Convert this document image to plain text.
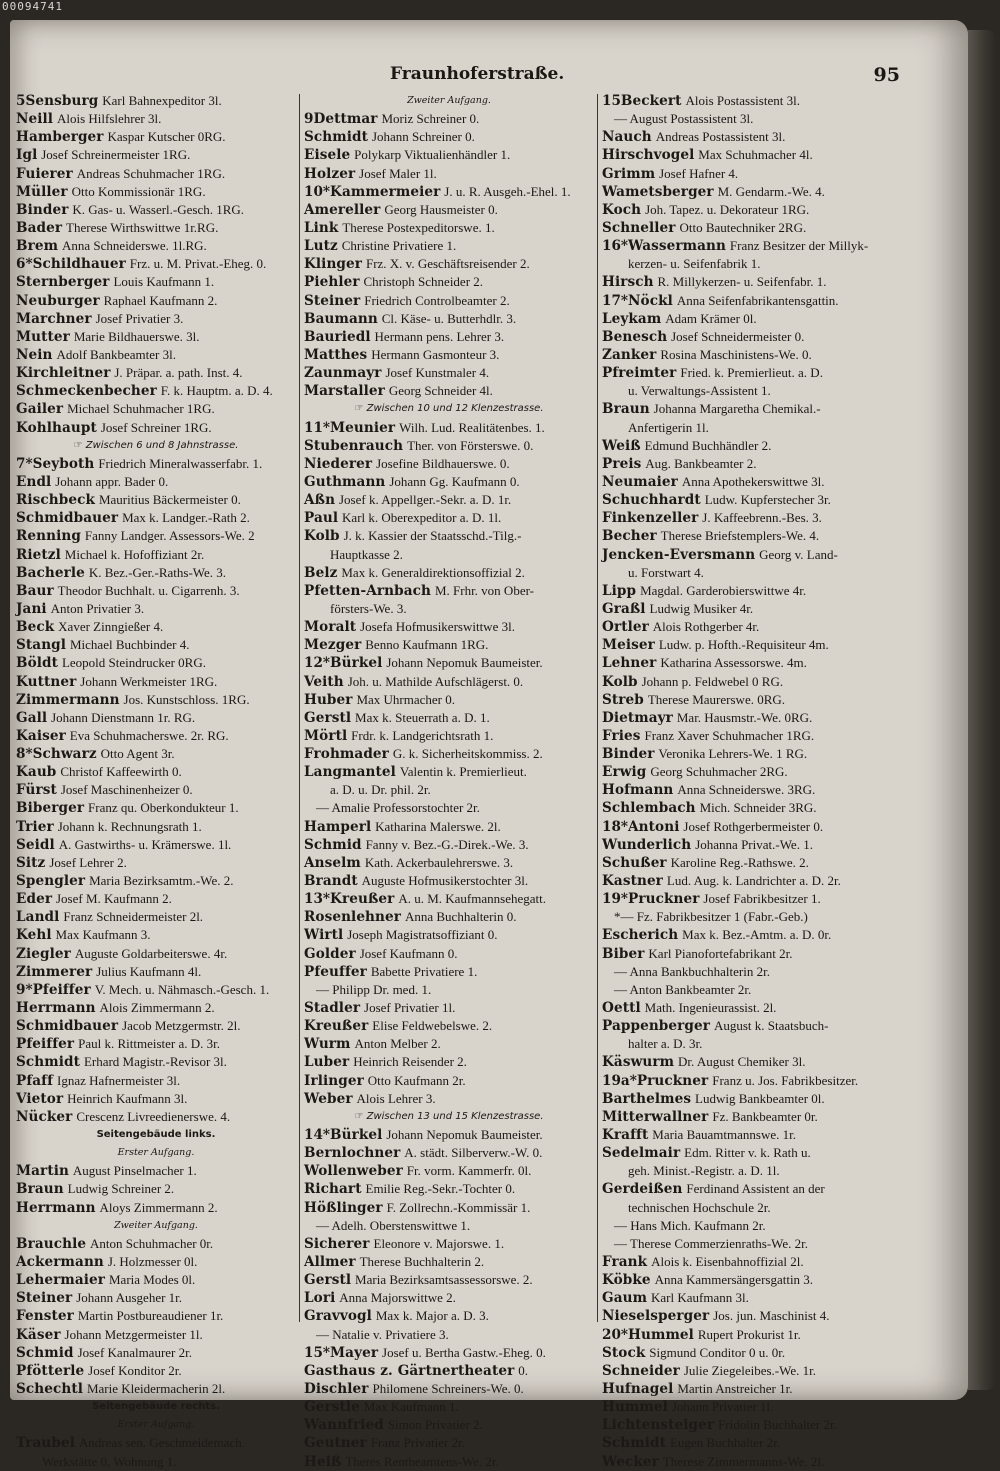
00094741
Fraunhoferstraße.	95
5Sensburg Karl Bahnexpeditor 3l.
Neill Alois Hilfslehrer 3l.
Hamberger Kaspar Kutscher 0RG.
Igl Josef Schreinermeister 1RG.
Fuierer Andreas Schuhmacher 1RG.
Müller Otto Kommissionär 1RG.
Binder K. Gas- u. Wasserl.-Gesch. 1RG.
Bader Therese Wirthswittwe 1r.RG.
Brem Anna Schneiderswe. 1l.RG.
6*Schildhauer Frz. u. M. Privat.-Eheg. 0.
Sternberger Louis Kaufmann 1.
Neuburger Raphael Kaufmann 2.
Marchner Josef Privatier 3.
Mutter Marie Bildhauerswe. 3l.
Nein Adolf Bankbeamter 3l.
Kirchleitner J. Präpar. a. path. Inst. 4.
Schmeckenbecher F. k. Hauptm. a. D. 4.
Gailer Michael Schuhmacher 1RG.
Kohlhaupt Josef Schreiner 1RG.
☞ Zwischen 6 und 8 Jahnstrasse.
7*Seyboth Friedrich Mineralwasserfabr. 1.
Endl Johann appr. Bader 0.
Rischbeck Mauritius Bäckermeister 0.
Schmidbauer Max k. Landger.-Rath 2.
Renning Fanny Landger. Assessors-We. 2
Rietzl Michael k. Hofoffiziant 2r.
Bacherle K. Bez.-Ger.-Raths-We. 3.
Baur Theodor Buchhalt. u. Cigarrenh. 3.
Jani Anton Privatier 3.
Beck Xaver Zinngießer 4.
Stangl Michael Buchbinder 4.
Böldt Leopold Steindrucker 0RG.
Kuttner Johann Werkmeister 1RG.
Zimmermann Jos. Kunstschloss. 1RG.
Gall Johann Dienstmann 1r. RG.
Kaiser Eva Schuhmacherswe. 2r. RG.
8*Schwarz Otto Agent 3r.
Kaub Christof Kaffeewirth 0.
Fürst Josef Maschinenheizer 0.
Biberger Franz qu. Oberkondukteur 1.
Trier Johann k. Rechnungsrath 1.
Seidl A. Gastwirths- u. Krämerswe. 1l.
Sitz Josef Lehrer 2.
Spengler Maria Bezirksamtm.-We. 2.
Eder Josef M. Kaufmann 2.
Landl Franz Schneidermeister 2l.
Kehl Max Kaufmann 3.
Ziegler Auguste Goldarbeiterswe. 4r.
Zimmerer Julius Kaufmann 4l.
9*Pfeiffer V. Mech. u. Nähmasch.-Gesch. 1.
Herrmann Alois Zimmermann 2.
Schmidbauer Jacob Metzgermstr. 2l.
Pfeiffer Paul k. Rittmeister a. D. 3r.
Schmidt Erhard Magistr.-Revisor 3l.
Pfaff Ignaz Hafnermeister 3l.
Vietor Heinrich Kaufmann 3l.
Nücker Crescenz Livreedienerswe. 4.
Seitengebäude links.
Erster Aufgang.
Martin August Pinselmacher 1.
Braun Ludwig Schreiner 2.
Herrmann Aloys Zimmermann 2.
Zweiter Aufgang.
Brauchle Anton Schuhmacher 0r.
Ackermann J. Holzmesser 0l.
Lehermaier Maria Modes 0l.
Steiner Johann Ausgeher 1r.
Fenster Martin Postbureaudiener 1r.
Käser Johann Metzgermeister 1l.
Schmid Josef Kanalmaurer 2r.
Pfötterle Josef Konditor 2r.
Schechtl Marie Kleidermacherin 2l.
Seitengebäude rechts.
Erster Aufgang.
Traubel Andreas sen. Geschmeidemach.
Werkstätte 0, Wohnung 1.
Zweiter Aufgang.
9Dettmar Moriz Schreiner 0.
Schmidt Johann Schreiner 0.
Eisele Polykarp Viktualienhändler 1.
Holzer Josef Maler 1l.
10*Kammermeier J. u. R. Ausgeh.-Ehel. 1.
Amereller Georg Hausmeister 0.
Link Therese Postexpeditorswe. 1.
Lutz Christine Privatiere 1.
Klinger Frz. X. v. Geschäftsreisender 2.
Piehler Christoph Schneider 2.
Steiner Friedrich Controlbeamter 2.
Baumann Cl. Käse- u. Butterhdlr. 3.
Bauriedl Hermann pens. Lehrer 3.
Matthes Hermann Gasmonteur 3.
Zaunmayr Josef Kunstmaler 4.
Marstaller Georg Schneider 4l.
☞ Zwischen 10 und 12 Klenzestrasse.
11*Meunier Wilh. Lud. Realitätenbes. 1.
Stubenrauch Ther. von Försterswe. 0.
Niederer Josefine Bildhauerswe. 0.
Guthmann Johann Gg. Kaufmann 0.
Aßn Josef k. Appellger.-Sekr. a. D. 1r.
Paul Karl k. Oberexpeditor a. D. 1l.
Kolb J. k. Kassier der Staatsschd.-Tilg.-
Hauptkasse 2.
Belz Max k. Generaldirektionsoffizial 2.
Pfetten-Arnbach M. Frhr. von Ober-
försters-We. 3.
Moralt Josefa Hofmusikerswittwe 3l.
Mezger Benno Kaufmann 1RG.
12*Bürkel Johann Nepomuk Baumeister.
Veith Joh. u. Mathilde Aufschlägerst. 0.
Huber Max Uhrmacher 0.
Gerstl Max k. Steuerrath a. D. 1.
Mörtl Frdr. k. Landgerichtsrath 1.
Frohmader G. k. Sicherheitskommiss. 2.
Langmantel Valentin k. Premierlieut.
a. D. u. Dr. phil. 2r.
— Amalie Professorstochter 2r.
Hamperl Katharina Malerswe. 2l.
Schmid Fanny v. Bez.-G.-Direk.-We. 3.
Anselm Kath. Ackerbaulehrerswe. 3.
Brandt Auguste Hofmusikerstochter 3l.
13*Kreußer A. u. M. Kaufmannsehegatt.
Rosenlehner Anna Buchhalterin 0.
Wirtl Joseph Magistratsoffiziant 0.
Golder Josef Kaufmann 0.
Pfeuffer Babette Privatiere 1.
— Philipp Dr. med. 1.
Stadler Josef Privatier 1l.
Kreußer Elise Feldwebelswe. 2.
Wurm Anton Melber 2.
Luber Heinrich Reisender 2.
Irlinger Otto Kaufmann 2r.
Weber Alois Lehrer 3.
☞ Zwischen 13 und 15 Klenzestrasse.
14*Bürkel Johann Nepomuk Baumeister.
Bernlochner A. städt. Silberverw.-W. 0.
Wollenweber Fr. vorm. Kammerfr. 0l.
Richart Emilie Reg.-Sekr.-Tochter 0.
Hößlinger F. Zollrechn.-Kommissär 1.
— Adelh. Oberstenswittwe 1.
Sicherer Eleonore v. Majorswe. 1.
Allmer Therese Buchhalterin 2.
Gerstl Maria Bezirksamtsassessorswe. 2.
Lori Anna Majorswittwe 2.
Gravvogl Max k. Major a. D. 3.
— Natalie v. Privatiere 3.
15*Mayer Josef u. Bertha Gastw.-Eheg. 0.
Gasthaus z. Gärtnertheater 0.
Dischler Philomene Schreiners-We. 0.
Gerstle Max Kaufmann 1.
Wannfried Simon Privatier 2.
Geutner Franz Privatier 2r.
Heiß Theres Rentbeamtens-We. 2r.
15Beckert Alois Postassistent 3l.
— August Postassistent 3l.
Nauch Andreas Postassistent 3l.
Hirschvogel Max Schuhmacher 4l.
Grimm Josef Hafner 4.
Wametsberger M. Gendarm.-We. 4.
Koch Joh. Tapez. u. Dekorateur 1RG.
Schneller Otto Bautechniker 2RG.
16*Wassermann Franz Besitzer der Millyk-
kerzen- u. Seifenfabrik 1.
Hirsch R. Millykerzen- u. Seifenfabr. 1.
17*Nöckl Anna Seifenfabrikantensgattin.
Leykam Adam Krämer 0l.
Benesch Josef Schneidermeister 0.
Zanker Rosina Maschinistens-We. 0.
Pfreimter Fried. k. Premierlieut. a. D.
u. Verwaltungs-Assistent 1.
Braun Johanna Margaretha Chemikal.-
Anfertigerin 1l.
Weiß Edmund Buchhändler 2.
Preis Aug. Bankbeamter 2.
Neumaier Anna Apothekerswittwe 3l.
Schuchhardt Ludw. Kupferstecher 3r.
Finkenzeller J. Kaffeebrenn.-Bes. 3.
Becher Therese Briefstemplers-We. 4.
Jencken-Eversmann Georg v. Land-
u. Forstwart 4.
Lipp Magdal. Garderobierswittwe 4r.
Graßl Ludwig Musiker 4r.
Ortler Alois Rothgerber 4r.
Meiser Ludw. p. Hofth.-Requisiteur 4m.
Lehner Katharina Assessorswe. 4m.
Kolb Johann p. Feldwebel 0 RG.
Streb Therese Maurerswe. 0RG.
Dietmayr Mar. Hausmstr.-We. 0RG.
Fries Franz Xaver Schuhmacher 1RG.
Binder Veronika Lehrers-We. 1 RG.
Erwig Georg Schuhmacher 2RG.
Hofmann Anna Schneiderswe. 3RG.
Schlembach Mich. Schneider 3RG.
18*Antoni Josef Rothgerbermeister 0.
Wunderlich Johanna Privat.-We. 1.
Schußer Karoline Reg.-Rathswe. 2.
Kastner Lud. Aug. k. Landrichter a. D. 2r.
19*Pruckner Josef Fabrikbesitzer 1.
*— Fz. Fabrikbesitzer 1 (Fabr.-Geb.)
Escherich Max k. Bez.-Amtm. a. D. 0r.
Biber Karl Pianofortefabrikant 2r.
— Anna Bankbuchhalterin 2r.
— Anton Bankbeamter 2r.
Oettl Math. Ingenieurassist. 2l.
Pappenberger August k. Staatsbuch-
halter a. D. 3r.
Käswurm Dr. August Chemiker 3l.
19a*Pruckner Franz u. Jos. Fabrikbesitzer.
Barthelmes Ludwig Bankbeamter 0l.
Mitterwallner Fz. Bankbeamter 0r.
Krafft Maria Bauamtmannswe. 1r.
Sedelmair Edm. Ritter v. k. Rath u.
geh. Minist.-Registr. a. D. 1l.
Gerdeißen Ferdinand Assistent an der
technischen Hochschule 2r.
— Hans Mich. Kaufmann 2r.
— Therese Commerzienraths-We. 2r.
Frank Alois k. Eisenbahnoffizial 2l.
Köbke Anna Kammersängersgattin 3.
Gaum Karl Kaufmann 3l.
Nieselsperger Jos. jun. Maschinist 4.
20*Hummel Rupert Prokurist 1r.
Stock Sigmund Conditor 0 u. 0r.
Schneider Julie Ziegeleibes.-We. 1r.
Hufnagel Martin Anstreicher 1r.
Hummel Johann Privatier 1l.
Lichtensteiger Fridolin Buchhalter 2r.
Schmidt Eugen Buchhalter 2r.
Wecker Therese Zimmermanns-We. 2l.
